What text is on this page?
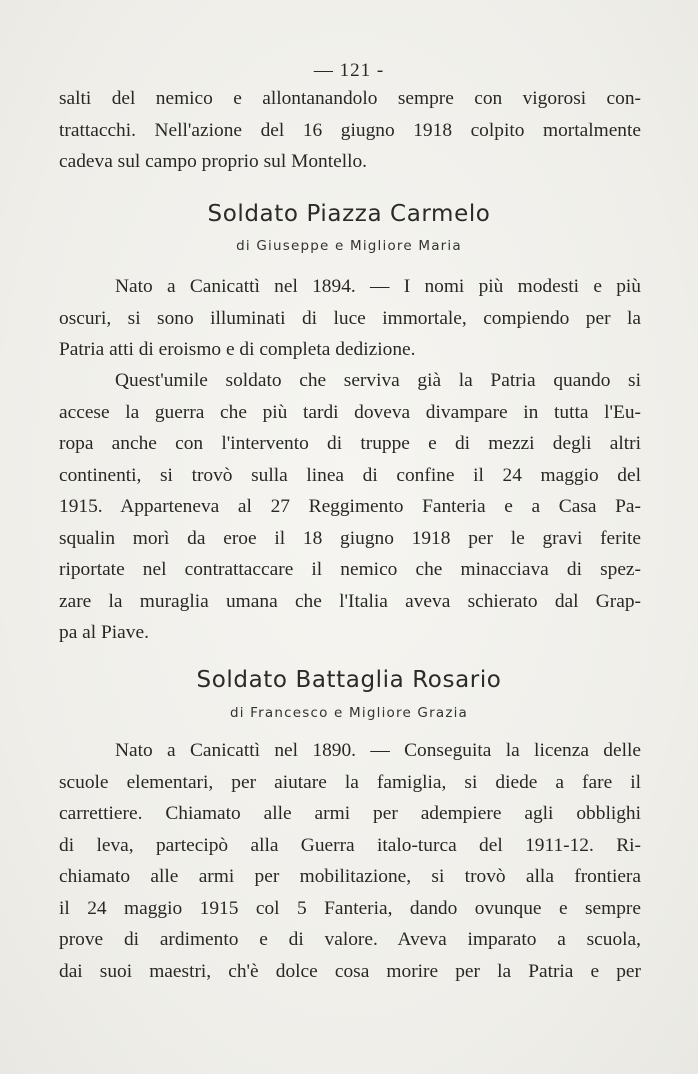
— 121 -

salti del nemico e allontanandolo sempre con vigorosi con-
trattacchi. Nell'azione del 16 giugno 1918 colpito mortalmente
cadeva sul campo proprio sul Montello.

Soldato Piazza Carmelo
di Giuseppe e Migliore Maria

Nato a Canicattì nel 1894. — I nomi più modesti e più
oscuri, si sono illuminati di luce immortale, compiendo per la
Patria atti di eroismo e di completa dedizione.

Quest'umile soldato che serviva già la Patria quando si
accese la guerra che più tardi doveva divampare in tutta l'Eu-
ropa anche con l'intervento di truppe e di mezzi degli altri
continenti, si trovò sulla linea di confine il 24 maggio del
1915. Apparteneva al 27 Reggimento Fanteria e a Casa Pa-
squalin morì da eroe il 18 giugno 1918 per le gravi ferite
riportate nel contrattaccare il nemico che minacciava di spez-
zare la muraglia umana che l'Italia aveva schierato dal Grap-
pa al Piave.

Soldato Battaglia Rosario
di Francesco e Migliore Grazia

Nato a Canicattì nel 1890. — Conseguita la licenza delle
scuole elementari, per aiutare la famiglia, si diede a fare il
carrettiere. Chiamato alle armi per adempiere agli obblighi
di leva, partecipò alla Guerra italo-turca del 1911-12. Ri-
chiamato alle armi per mobilitazione, si trovò alla frontiera
il 24 maggio 1915 col 5 Fanteria, dando ovunque e sempre
prove di ardimento e di valore. Aveva imparato a scuola,
dai suoi maestri, ch'è dolce cosa morire per la Patria e per
